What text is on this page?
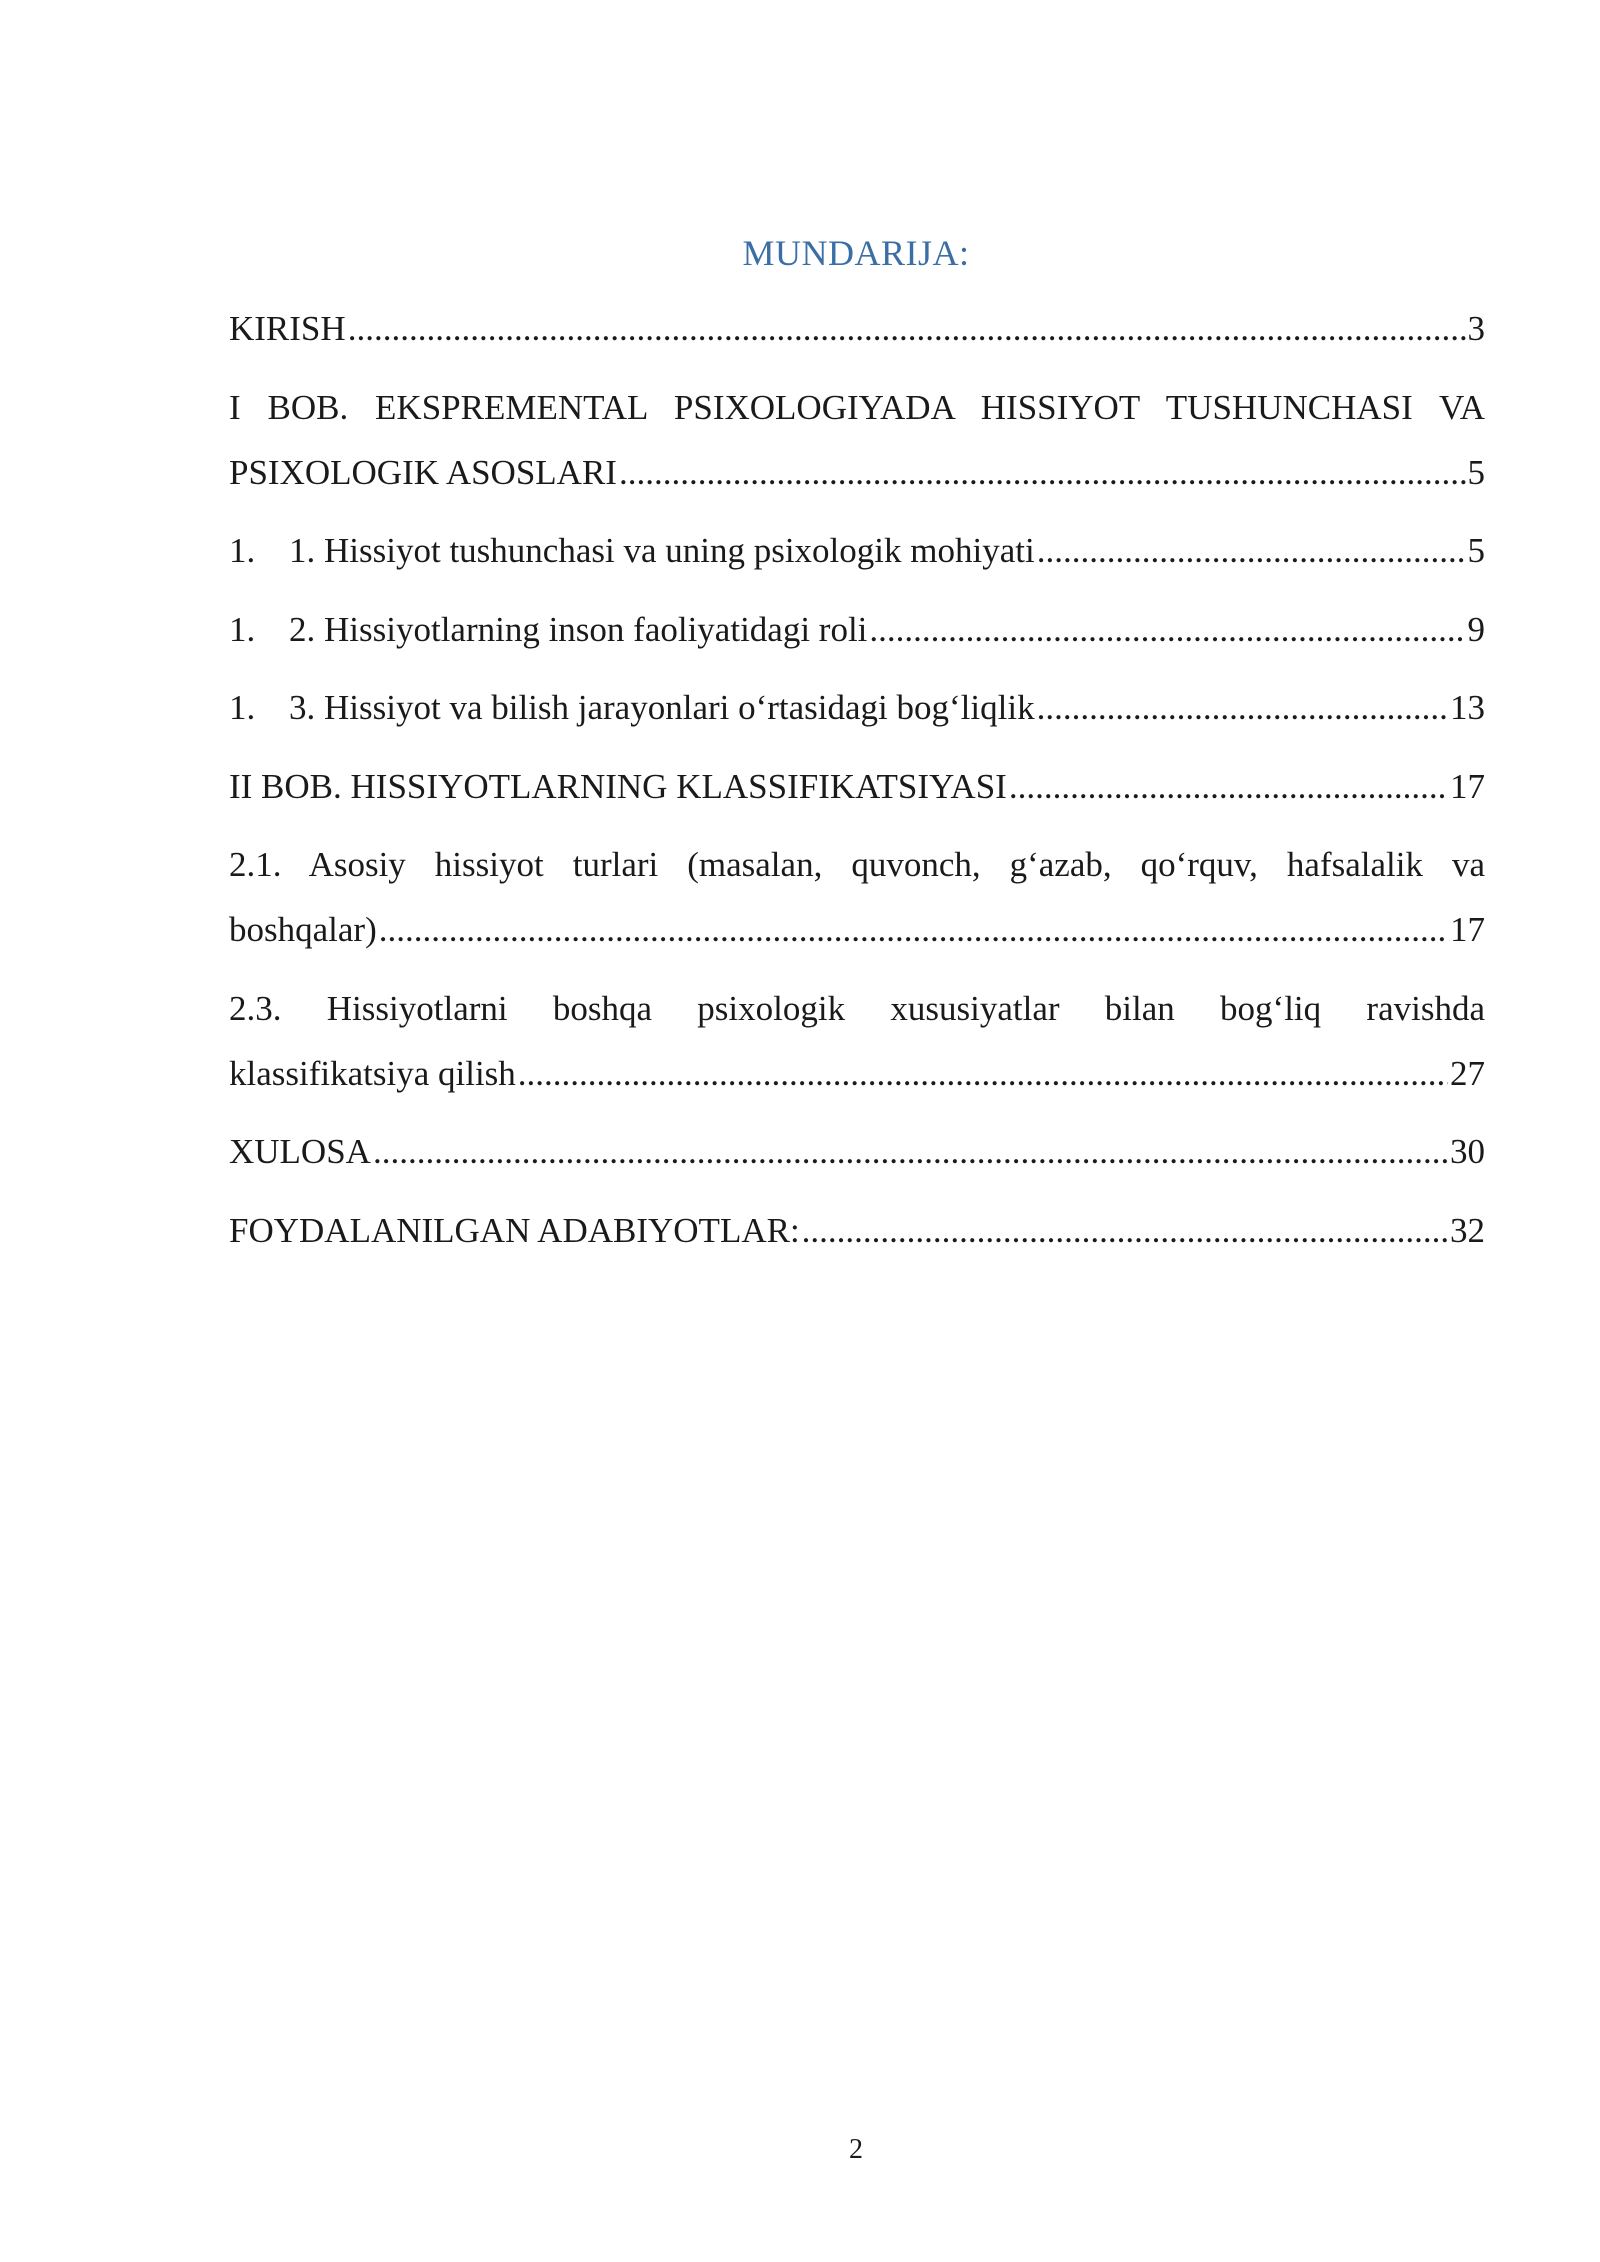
MUNDARIJA:
KIRISH .....	3
I BOB. EKSPREMENTAL PSIXOLOGIYADA HISSIYOT TUSHUNCHASI VA
PSIXOLOGIK ASOSLARI .....	5
1. 1. Hissiyot tushunchasi va uning psixologik mohiyati .....	5
1. 2. Hissiyotlarning inson faoliyatidagi roli .....	9
1. 3. Hissiyot va bilish jarayonlari o‘rtasidagi bog‘liqlik .....	13
II BOB. HISSIYOTLARNING KLASSIFIKATSIYASI .....	17
2.1. Asosiy hissiyot turlari (masalan, quvonch, g‘azab, qo‘rquv, hafsalalik va
boshqalar) .....	17
2.3. Hissiyotlarni boshqa psixologik xususiyatlar bilan bog‘liq ravishda
klassifikatsiya qilish .....	27
XULOSA .....	30
FOYDALANILGAN ADABIYOTLAR: .....	32
2
